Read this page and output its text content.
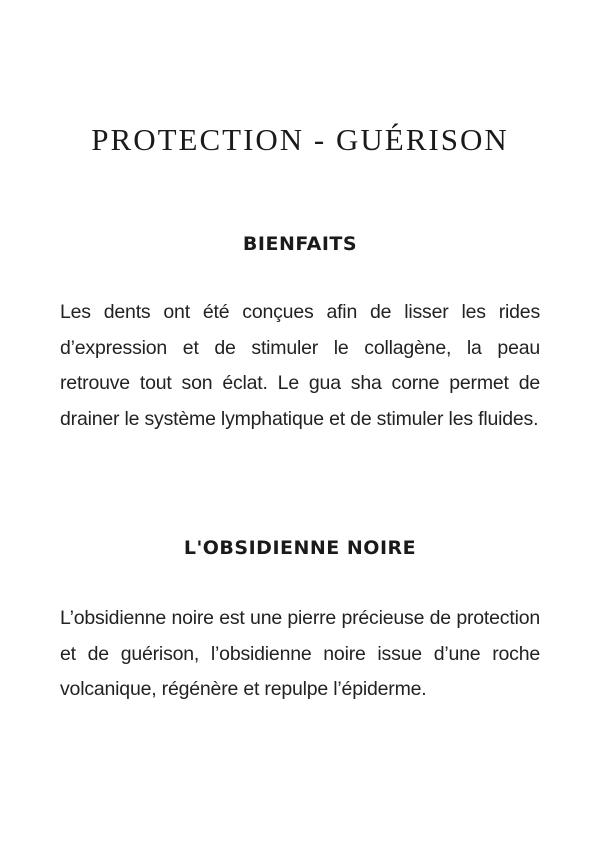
PROTECTION - GUÉRISON
BIENFAITS

Les dents ont été conçues afin de lisser les rides d’expression et de stimuler le collagène, la peau retrouve tout son éclat. Le gua sha corne permet de drainer le système lymphatique et de stimuler les fluides.

L'OBSIDIENNE NOIRE

L’obsidienne noire est une pierre précieuse de protection et de guérison, l’obsidienne noire issue d’une roche volcanique, régénère et repulpe l’épiderme.
